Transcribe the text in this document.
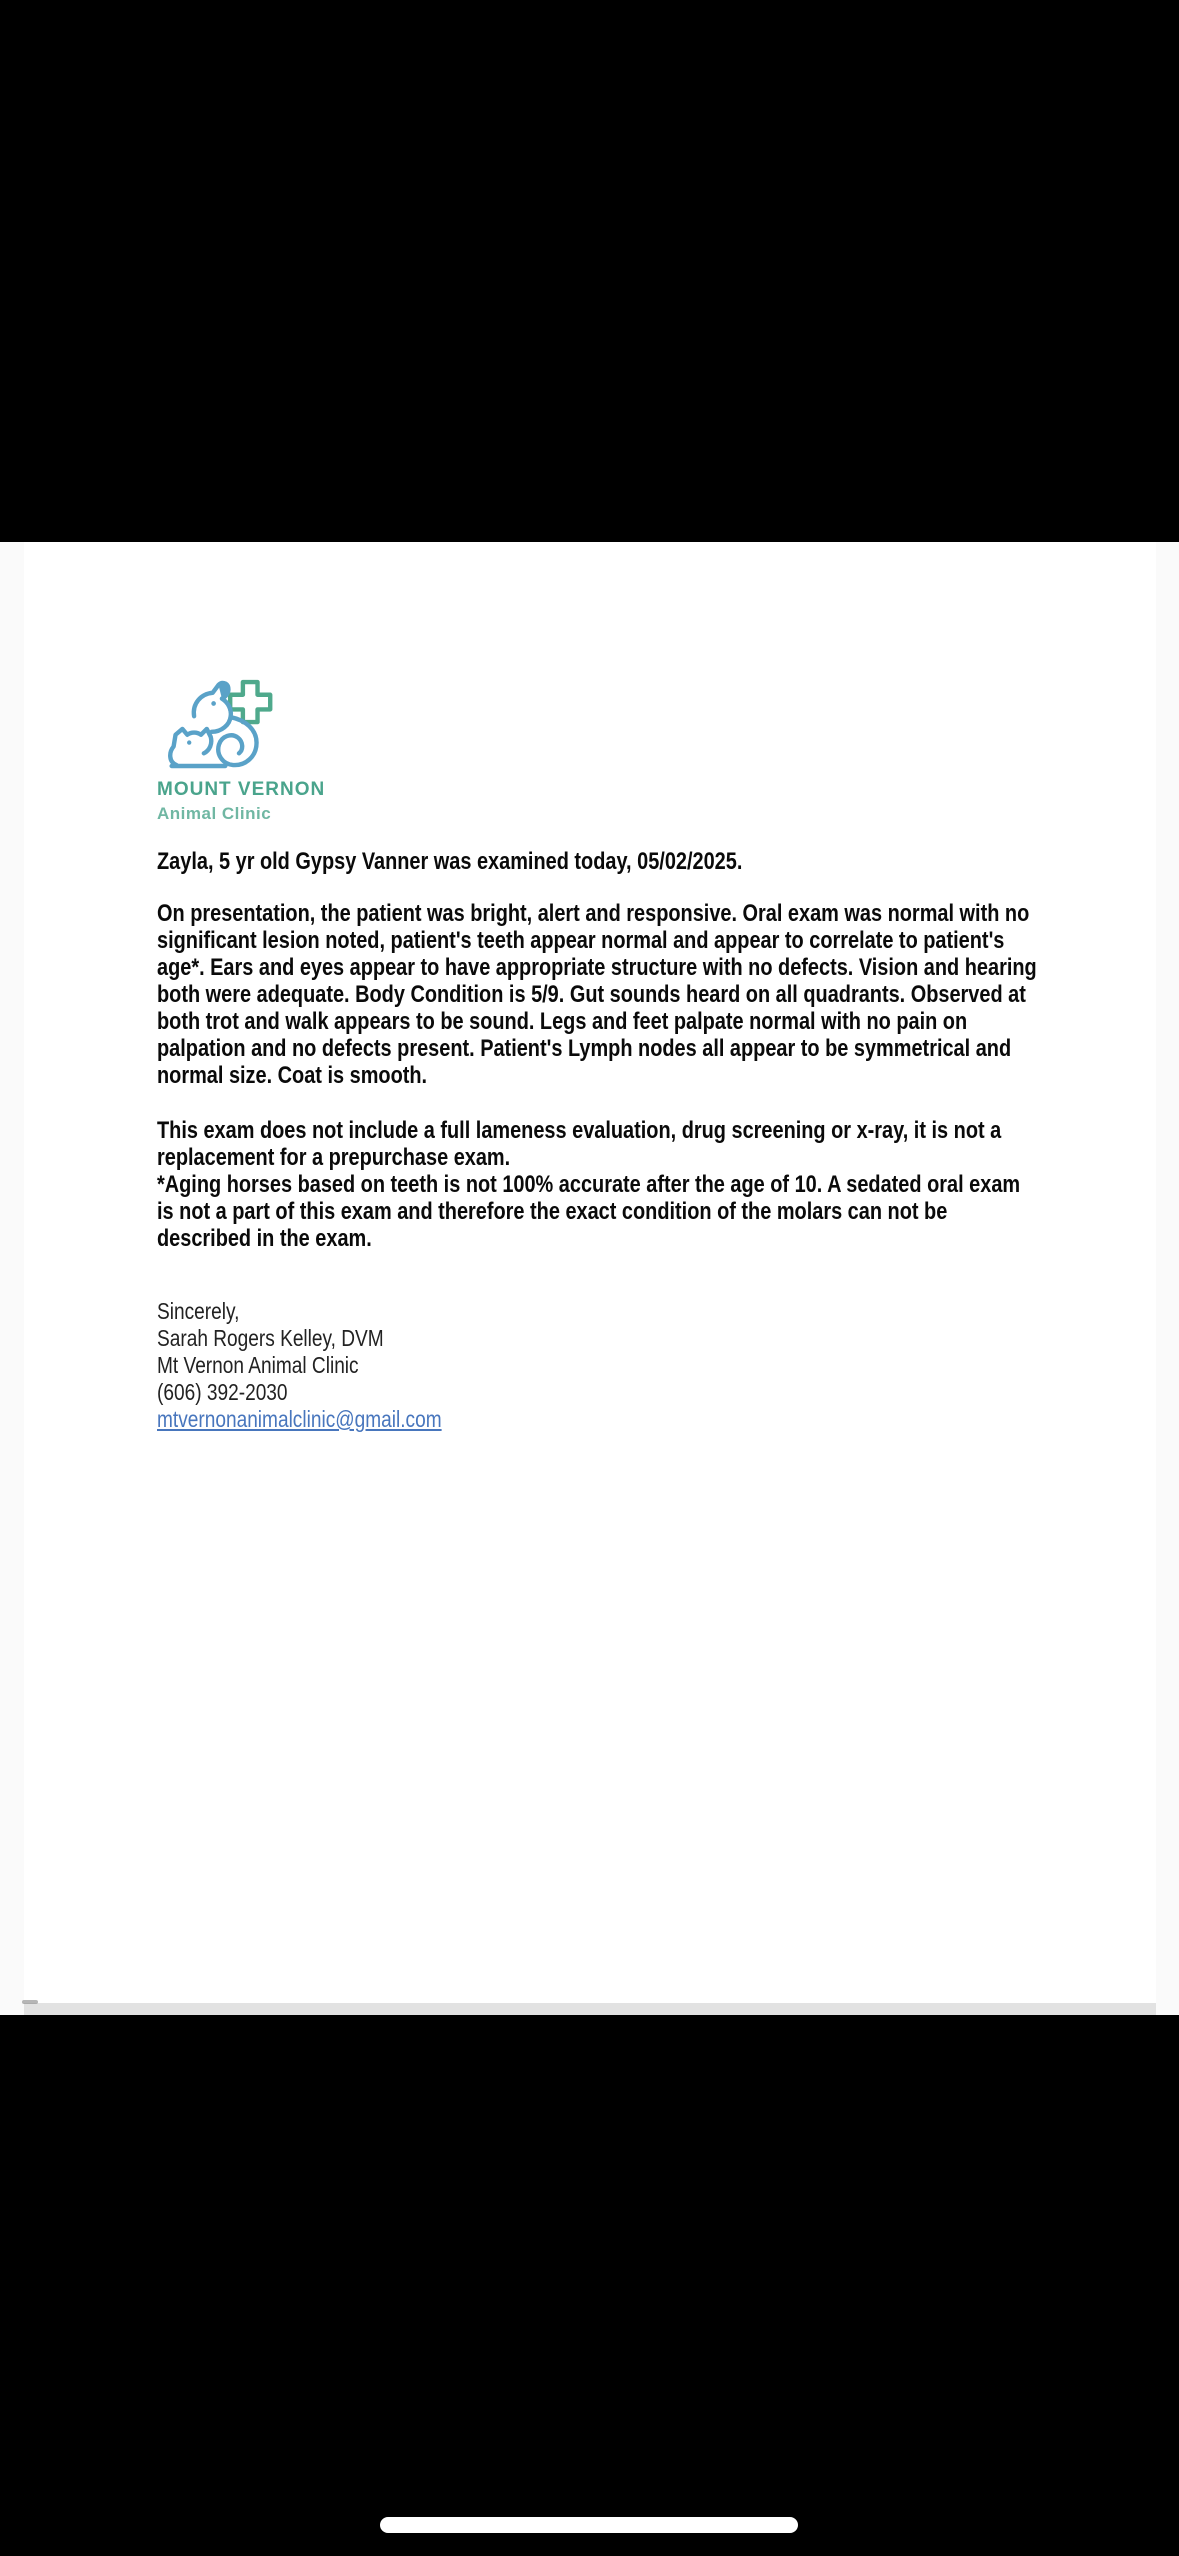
MOUNT VERNON
Animal Clinic

Zayla, 5 yr old Gypsy Vanner was examined today, 05/02/2025.

On presentation, the patient was bright, alert and responsive. Oral exam was normal with no significant lesion noted, patient's teeth appear normal and appear to correlate to patient's age*. Ears and eyes appear to have appropriate structure with no defects. Vision and hearing both were adequate. Body Condition is 5/9. Gut sounds heard on all quadrants. Observed at both trot and walk appears to be sound. Legs and feet palpate normal with no pain on palpation and no defects present. Patient's Lymph nodes all appear to be symmetrical and normal size. Coat is smooth.

This exam does not include a full lameness evaluation, drug screening or x-ray, it is not a replacement for a prepurchase exam.

*Aging horses based on teeth is not 100% accurate after the age of 10. A sedated oral exam is not a part of this exam and therefore the exact condition of the molars can not be described in the exam.

Sincerely,
Sarah Rogers Kelley, DVM
Mt Vernon Animal Clinic
(606) 392-2030
mtvernonanimalclinic@gmail.com
